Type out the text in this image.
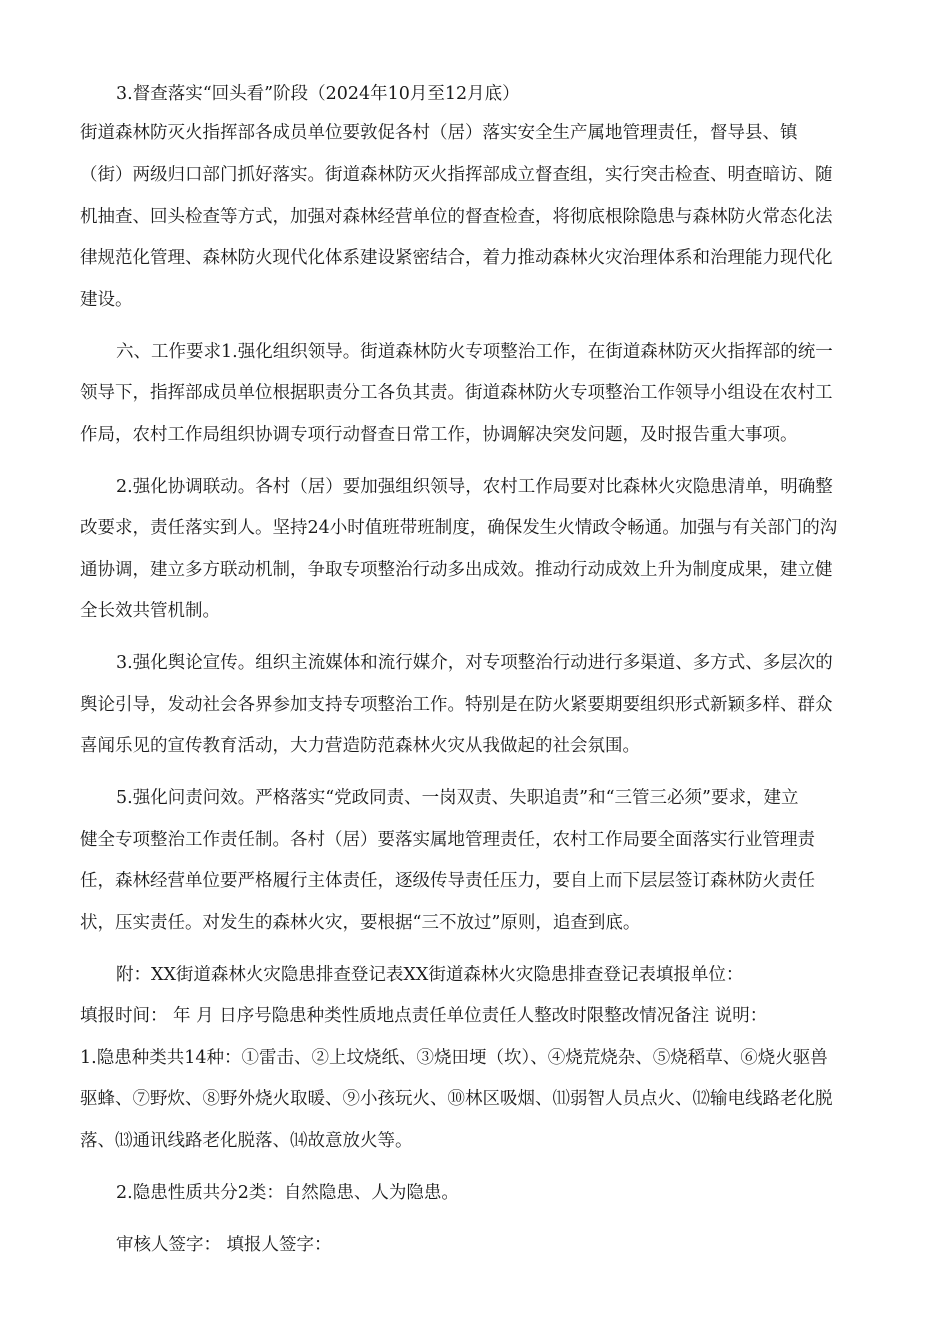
3.督查落实“回头看”阶段（2024年10月至12月底）
街道森林防灭火指挥部各成员单位要敦促各村（居）落实安全生产属地管理责任，督导县、镇
（街）两级归口部门抓好落实。街道森林防灭火指挥部成立督查组，实行突击检查、明查暗访、随
机抽查、回头检查等方式，加强对森林经营单位的督查检查，将彻底根除隐患与森林防火常态化法
律规范化管理、森林防火现代化体系建设紧密结合，着力推动森林火灾治理体系和治理能力现代化
建设。
六、工作要求1.强化组织领导。街道森林防火专项整治工作，在街道森林防灭火指挥部的统一
领导下，指挥部成员单位根据职责分工各负其责。街道森林防火专项整治工作领导小组设在农村工
作局，农村工作局组织协调专项行动督查日常工作，协调解决突发问题，及时报告重大事项。
2.强化协调联动。各村（居）要加强组织领导，农村工作局要对比森林火灾隐患清单，明确整
改要求，责任落实到人。坚持24小时值班带班制度，确保发生火情政令畅通。加强与有关部门的沟
通协调，建立多方联动机制，争取专项整治行动多出成效。推动行动成效上升为制度成果，建立健
全长效共管机制。
3.强化舆论宣传。组织主流媒体和流行媒介，对专项整治行动进行多渠道、多方式、多层次的
舆论引导，发动社会各界参加支持专项整治工作。特别是在防火紧要期要组织形式新颖多样、群众
喜闻乐见的宣传教育活动，大力营造防范森林火灾从我做起的社会氛围。
5.强化问责问效。严格落实“党政同责、一岗双责、失职追责”和“三管三必须”要求，建立
健全专项整治工作责任制。各村（居）要落实属地管理责任，农村工作局要全面落实行业管理责
任，森林经营单位要严格履行主体责任，逐级传导责任压力，要自上而下层层签订森林防火责任
状，压实责任。对发生的森林火灾，要根据“三不放过”原则，追查到底。
附：XX街道森林火灾隐患排查登记表XX街道森林火灾隐患排查登记表填报单位：
填报时间： 年 月 日序号隐患种类性质地点责任单位责任人整改时限整改情况备注 说明：
1.隐患种类共14种：①雷击、②上坟烧纸、③烧田埂（坎）、④烧荒烧杂、⑤烧稻草、⑥烧火驱兽
驱蜂、⑦野炊、⑧野外烧火取暖、⑨小孩玩火、⑩林区吸烟、⑾弱智人员点火、⑿输电线路老化脱
落、⒀通讯线路老化脱落、⒁故意放火等。
2.隐患性质共分2类：自然隐患、人为隐患。
审核人签字： 填报人签字：
